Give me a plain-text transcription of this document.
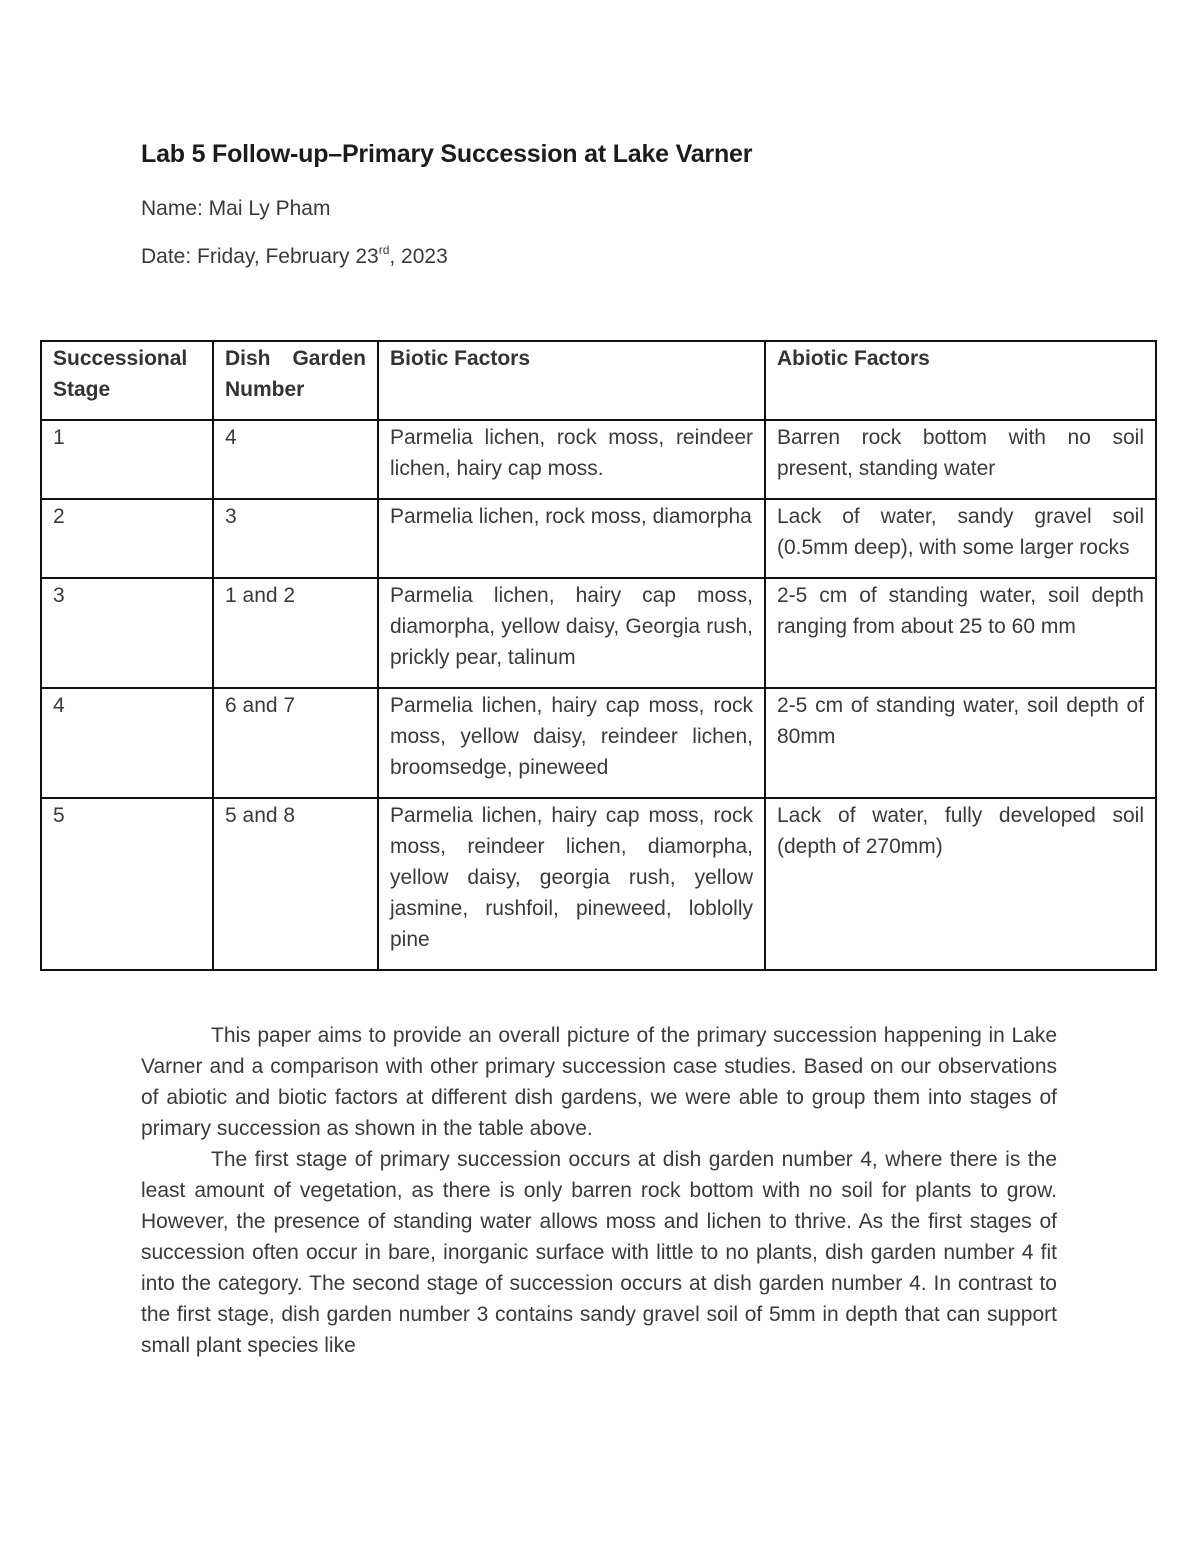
Lab 5 Follow-up–Primary Succession at Lake Varner

Name: Mai Ly Pham

Date: Friday, February 23rd, 2023

Successional Stage	Dish Garden Number	Biotic Factors	Abiotic Factors
1	4	Parmelia lichen, rock moss, reindeer lichen, hairy cap moss.	Barren rock bottom with no soil present, standing water
2	3	Parmelia lichen, rock moss, diamorpha	Lack of water, sandy gravel soil (0.5mm deep), with some larger rocks
3	1 and 2	Parmelia lichen, hairy cap moss, diamorpha, yellow daisy, Georgia rush, prickly pear, talinum	2-5 cm of standing water, soil depth ranging from about 25 to 60 mm
4	6 and 7	Parmelia lichen, hairy cap moss, rock moss, yellow daisy, reindeer lichen, broomsedge, pineweed	2-5 cm of standing water, soil depth of 80mm
5	5 and 8	Parmelia lichen, hairy cap moss, rock moss, reindeer lichen, diamorpha, yellow daisy, georgia rush, yellow jasmine, rushfoil, pineweed, loblolly pine	Lack of water, fully developed soil (depth of 270mm)

This paper aims to provide an overall picture of the primary succession happening in Lake Varner and a comparison with other primary succession case studies. Based on our observations of abiotic and biotic factors at different dish gardens, we were able to group them into stages of primary succession as shown in the table above.

The first stage of primary succession occurs at dish garden number 4, where there is the least amount of vegetation, as there is only barren rock bottom with no soil for plants to grow. However, the presence of standing water allows moss and lichen to thrive. As the first stages of succession often occur in bare, inorganic surface with little to no plants, dish garden number 4 fit into the category. The second stage of succession occurs at dish garden number 4. In contrast to the first stage, dish garden number 3 contains sandy gravel soil of 5mm in depth that can support small plant species like
